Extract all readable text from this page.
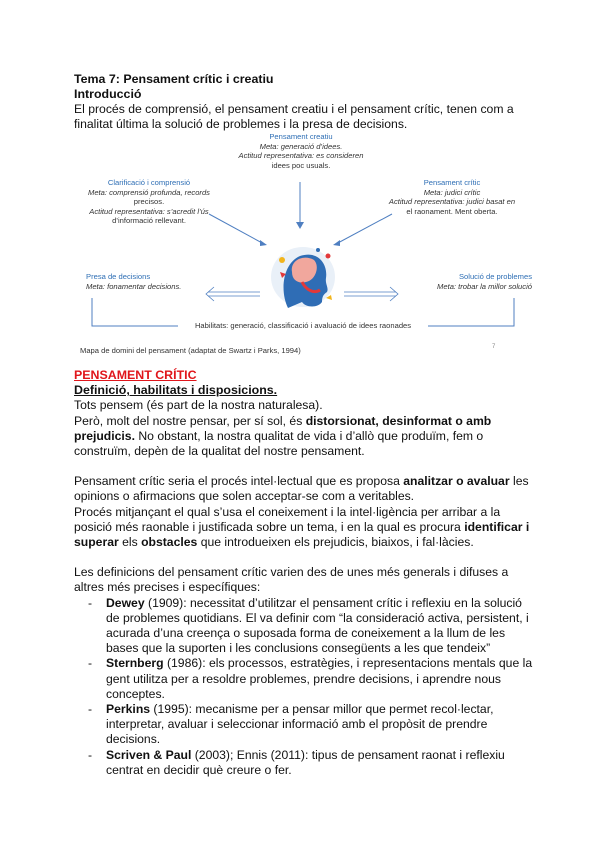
Tema 7: Pensament crític i creatiu

Introducció

El procés de comprensió, el pensament creatiu i el pensament crític, tenen com a finalitat última la solució de problemes i la presa de decisions.

Pensament creatiu
Meta: generació d’idees.
Actitud representativa: es consideren
idees poc usuals.
Clarificació i comprensió
Meta: comprensió profunda, records
precisos.
Actitud representativa: s’acredit l’ús
d’informació rellevant.
Pensament crític
Meta: judici crític
Actitud representativa: judici basat en
el raonament. Ment oberta.
Presa de decisions
Meta: fonamentar decisions.
Solució de problemes
Meta: trobar la millor solució
Habilitats: generació, classificació i avaluació de idees raonades
Mapa de domini del pensament (adaptat de Swartz i Parks, 1994)	7

PENSAMENT CRÍTIC

Definició, habilitats i disposicions.

Tots pensem (és part de la nostra naturalesa).

Però, molt del nostre pensar, per sí sol, és distorsionat, desinformat o amb prejudicis. No obstant, la nostra qualitat de vida i d’allò que produïm, fem o construïm, depèn de la qualitat del nostre pensament.

Pensament crític seria el procés intel·lectual que es proposa analitzar o avaluar les opinions o afirmacions que solen acceptar-se com a veritables.

Procés mitjançant el qual s’usa el coneixement i la intel·ligència per arribar a la posició més raonable i justificada sobre un tema, i en la qual es procura identificar i superar els obstacles que introdueixen els prejudicis, biaixos, i fal·làcies.

Les definicions del pensament crític varien des de unes més generals i difuses a altres més precises i específiques:

- Dewey (1909): necessitat d’utilitzar el pensament crític i reflexiu en la solució de problemes quotidians. El va definir com “la consideració activa, persistent, i acurada d’una creença o suposada forma de coneixement a la llum de les bases que la suporten i les conclusions consegüents a les que tendeix”
- Sternberg (1986): els processos, estratègies, i representacions mentals que la gent utilitza per a resoldre problemes, prendre decisions, i aprendre nous conceptes.
- Perkins (1995): mecanisme per a pensar millor que permet recol·lectar, interpretar, avaluar i seleccionar informació amb el propòsit de prendre decisions.
- Scriven & Paul (2003); Ennis (2011): tipus de pensament raonat i reflexiu centrat en decidir què creure o fer.
